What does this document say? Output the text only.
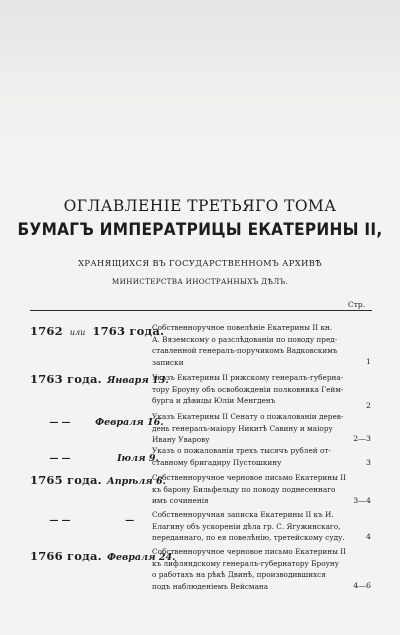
ОГЛАВЛЕНІЕ ТРЕТЬЯГО ТОМА
БУМАГЪ ИМПЕРАТРИЦЫ ЕКАТЕРИНЫ II,
ХРАНЯЩИХСЯ ВЪ ГОСУДАРСТВЕННОМЪ АРХИВѢ
МИНИСТЕРСТВА ИНОСТРАННЫХЪ ДѢЛЪ.
Стр.
1762 или 1763 года.
Собственноручное повелѣніе Екатерины II кн.
А. Вяземскому о разслѣдованіи по поводу пред-
ставленной генералъ-поручикомъ Вадковскимъ
записки	1
1763 года. Января 13.
Указъ Екатерины II рижскому генералъ-губерна-
тору Броуну объ освобожденіи полковника Гейм-
бурга и дѣвицы Юліи Менгденъ
2
— —	Февраля 16.
Указъ Екатерины II Сенату о пожалованіи дерев-
день генералъ-маіору Никитѣ Савину и маіору
Ивану Уварову	2—3
— —	Іюля 9.
Указъ о пожалованіи трехъ тысячъ рублей от-
ставному бригадиру Пустошкину	3
1765 года. Апрѣля 6.
Собственноручное черновое письмо Екатерины II
къ барону Бильфельду по поводу поднесеннаго
имъ сочиненія	3—4
— —	—
Собственноручная записка Екатерины II къ И.
Елагину объ ускореніи дѣла гр. С. Ягужинскаго,
переданнаго, по ея повелѣнію, третейскому суду.	4
1766 года. Февраля 24.
Собственноручное черновое письмо Екатерины II
къ лифляндскому генералъ-губернатору Броуну
о работахъ на рѣкѣ Двинѣ, производившихся
подъ наблюденіемъ Вейсмана	4—6
